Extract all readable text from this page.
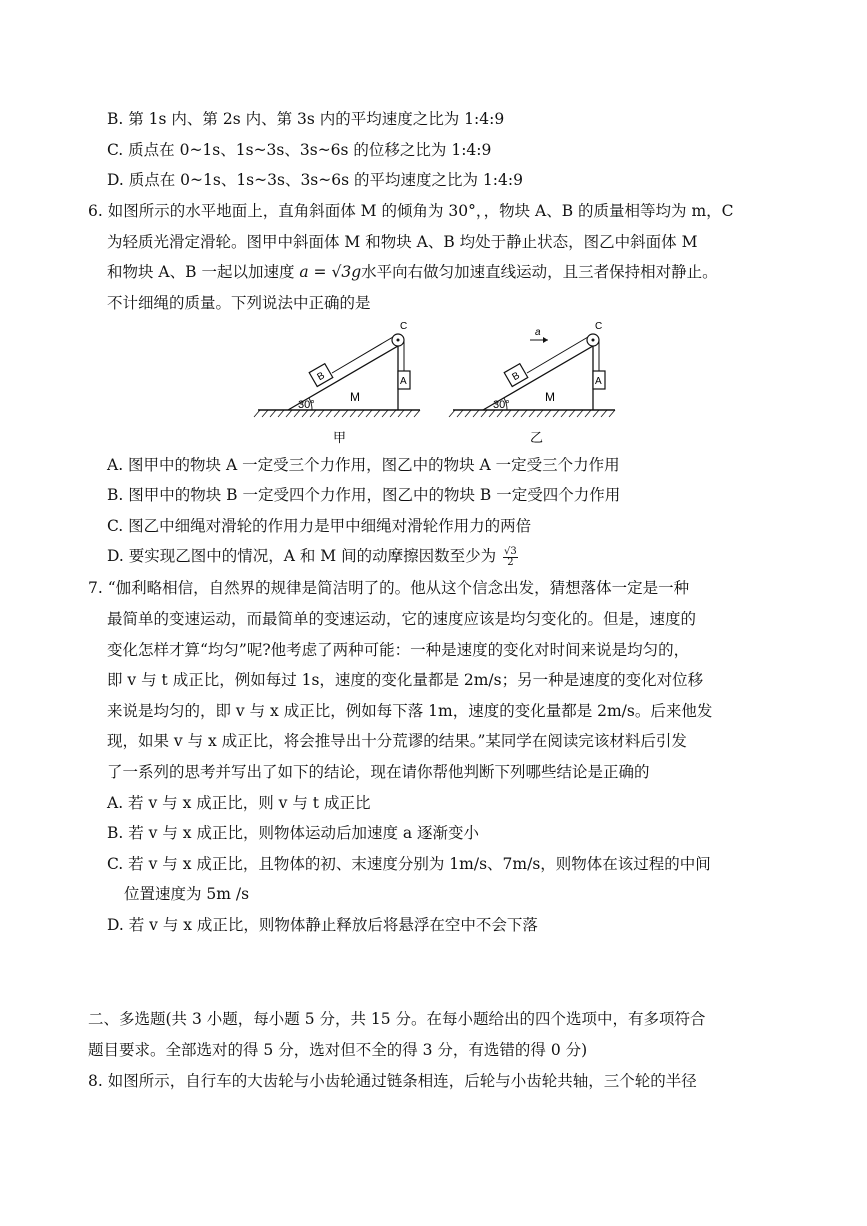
B. 第 1s 内、第 2s 内、第 3s 内的平均速度之比为 1:4:9
C. 质点在 0~1s、1s~3s、3s~6s 的位移之比为 1:4:9
D. 质点在 0~1s、1s~3s、3s~6s 的平均速度之比为 1:4:9
6. 如图所示的水平地面上，直角斜面体 M 的倾角为 30°，，物块 A、B 的质量相等均为 m，C
为轻质光滑定滑轮。图甲中斜面体 M 和物块 A、B 均处于静止状态，图乙中斜面体 M
和物块 A、B 一起以加速度 a = √3g水平向右做匀加速直线运动，且三者保持相对静止。
不计细绳的质量。下列说法中正确的是
30°
M
C
B	A
甲
30°
M
C
B	A
a
乙
A. 图甲中的物块 A 一定受三个力作用，图乙中的物块 A 一定受三个力作用
B. 图甲中的物块 B 一定受四个力作用，图乙中的物块 B 一定受四个力作用
C. 图乙中细绳对滑轮的作用力是甲中细绳对滑轮作用力的两倍
D. 要实现乙图中的情况，A 和 M 间的动摩擦因数至少为 $\frac{√3}{2}$
7. “伽利略相信，自然界的规律是简洁明了的。他从这个信念出发，猜想落体一定是一种
最简单的变速运动，而最简单的变速运动，它的速度应该是均匀变化的。但是，速度的
变化怎样才算“均匀”呢?他考虑了两种可能：一种是速度的变化对时间来说是均匀的，
即 v 与 t 成正比，例如每过 1s，速度的变化量都是 2m/s；另一种是速度的变化对位移
来说是均匀的，即 v 与 x 成正比，例如每下落 1m，速度的变化量都是 2m/s。后来他发
现，如果 v 与 x 成正比，将会推导出十分荒谬的结果。”某同学在阅读完该材料后引发
了一系列的思考并写出了如下的结论，现在请你帮他判断下列哪些结论是正确的
A. 若 v 与 x 成正比，则 v 与 t 成正比
B. 若 v 与 x 成正比，则物体运动后加速度 a 逐渐变小
C. 若 v 与 x 成正比，且物体的初、末速度分别为 1m/s、7m/s，则物体在该过程的中间
位置速度为 5m /s
D. 若 v 与 x 成正比，则物体静止释放后将悬浮在空中不会下落
二、多选题(共 3 小题，每小题 5 分，共 15 分。在每小题给出的四个选项中，有多项符合
题目要求。全部选对的得 5 分，选对但不全的得 3 分，有选错的得 0 分)
8. 如图所示，自行车的大齿轮与小齿轮通过链条相连，后轮与小齿轮共轴，三个轮的半径
